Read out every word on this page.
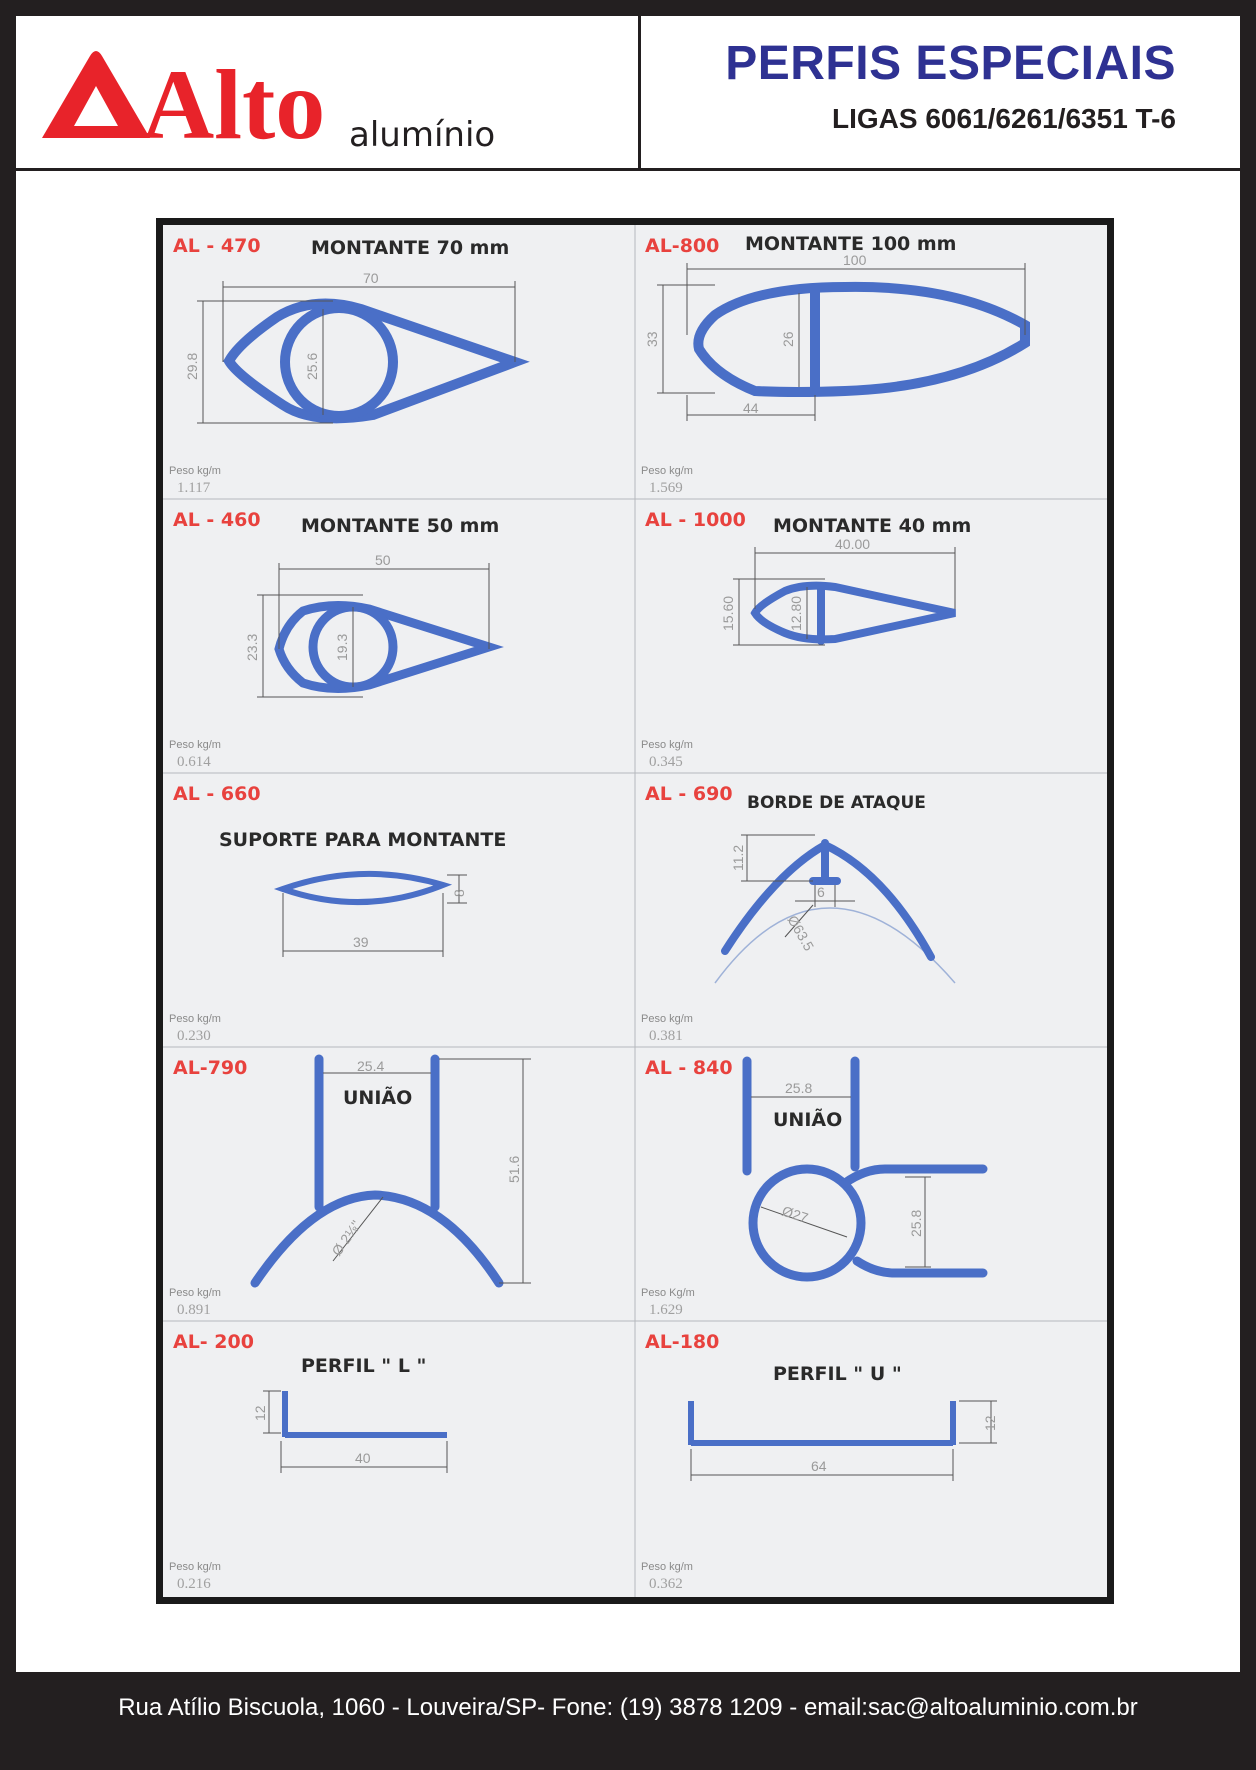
Alto alumínio
PERFIS ESPECIAIS
LIGAS 6061/6261/6351 T-6
70
29.8	25.6
AL - 470	MONTANTE 70 mm
Peso kg/m
1.117
100
33	26
44
AL-800 MONTANTE 100 mm
Peso kg/m
1.569
50
23.3	19.3
AL - 460 MONTANTE 50 mm
Peso kg/m
0.614
40.00
15.60	12.80
AL - 1000 MONTANTE 40 mm
Peso kg/m
0.345
8
39
AL - 660
SUPORTE PARA MONTANTE
Peso kg/m
0.230
11.2
6
Ø63.5
AL - 690 BORDE DE ATAQUE
Peso kg/m
0.381
25.4
51.6
Ø 2⅛"
AL-790
UNIÃO
Peso kg/m
0.891
25.8
Ø27	25.8
AL - 840
UNIÃO
Peso Kg/m
1.629
12
40
AL- 200
PERFIL " L "
Peso kg/m
0.216
12
64
AL-180
PERFIL " U "
Peso kg/m
0.362
Rua Atílio Biscuola, 1060 - Louveira/SP- Fone: (19) 3878 1209 - email:sac@altoaluminio.com.br
